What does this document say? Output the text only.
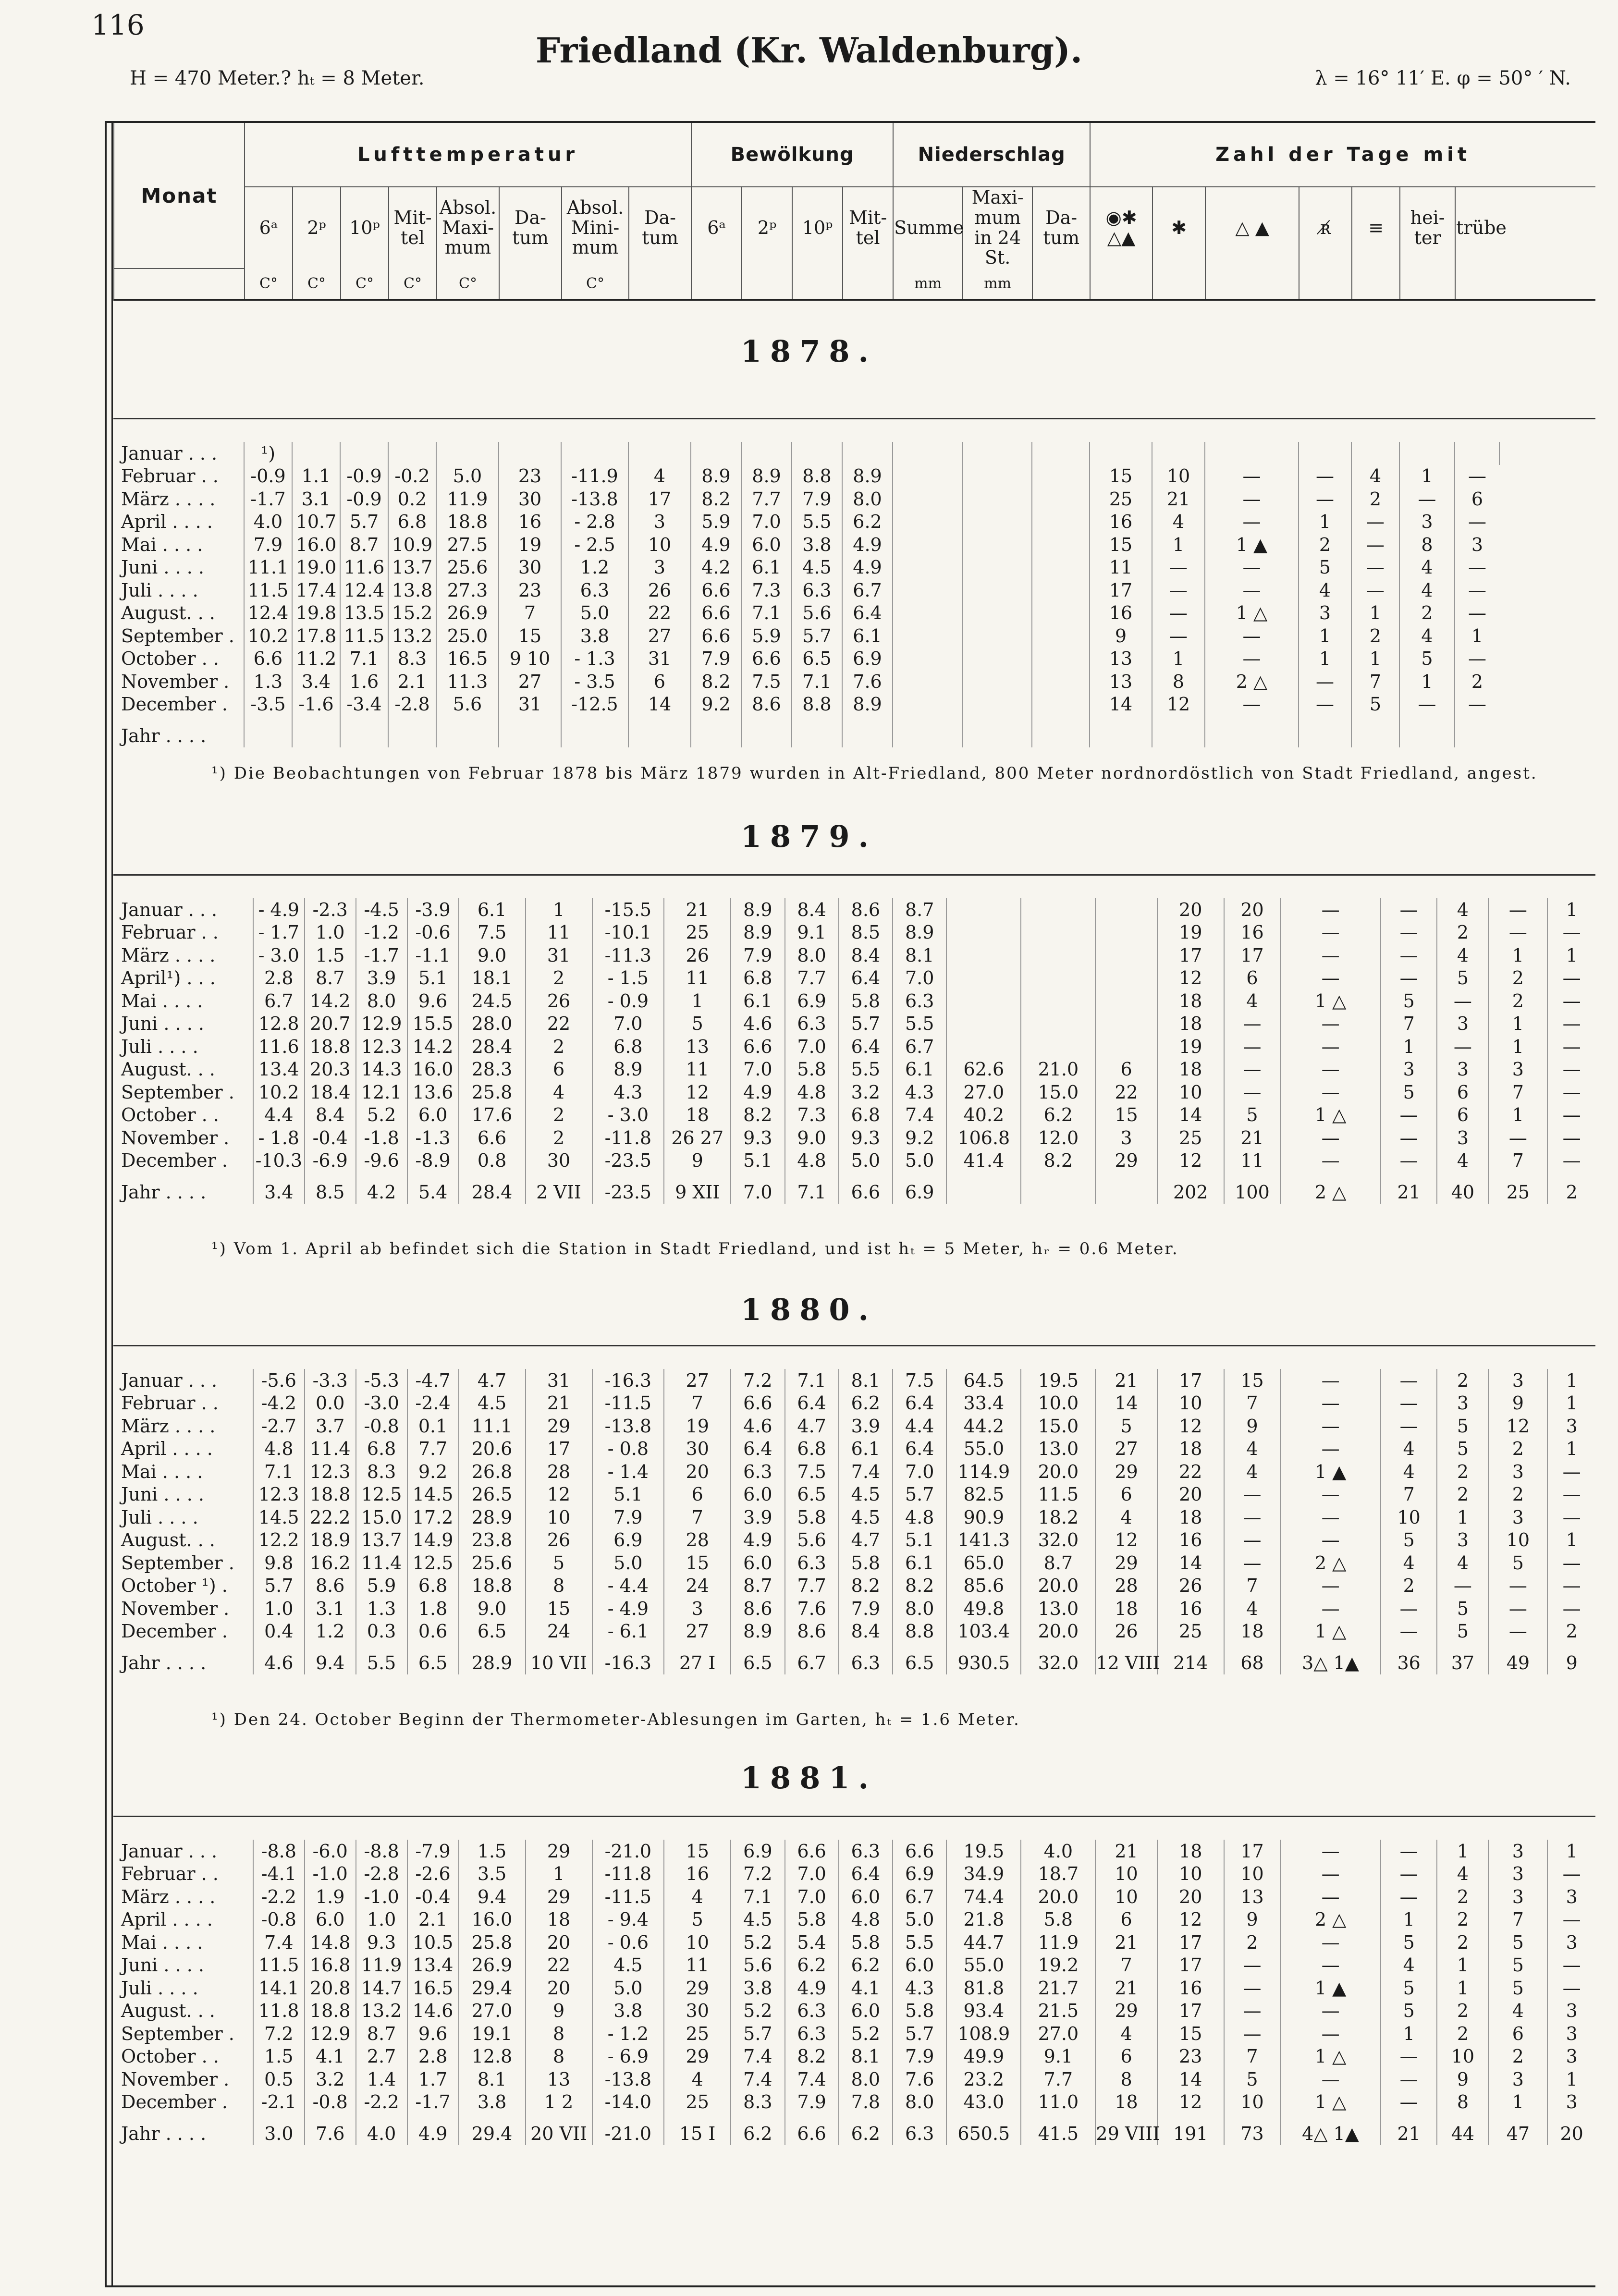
116
Friedland (Kr. Waldenburg).
H = 470 Meter.? hₜ = 8 Meter.	λ = 16° 11′ E. φ = 50° ′ N.
Monat	Lufttemperatur								Bewölkung				Niederschlag			Zahl der Tage mit						
	6ᵃ	2ᵖ	10ᵖ	Mit-tel	Absol. Maxi- mum	Da- tum	Absol. Mini- mum	Da- tum	6ᵃ	2ᵖ	10ᵖ	Mit- tel	Summe	Maxi- mum in 24 St.	Da- tum	◉✱ △▲	✱	△ ▲	ʀ̸	≡	hei- ter	trübe
	C°	C°	C°	C°	C°		C°						mm	mm								
1878.
Januar . . .	¹)																						
Februar . .	-0.9	1.1	-0.9	-0.2	5.0	23	-11.9	4	8.9	8.9	8.8	8.9				15	10	—	—	4	1	—	
März . . . .	-1.7	3.1	-0.9	0.2	11.9	30	-13.8	17	8.2	7.7	7.9	8.0				25	21	—	—	2	—	6	
April . . . .	4.0	10.7	5.7	6.8	18.8	16	- 2.8	3	5.9	7.0	5.5	6.2				16	4	—	1	—	3	—	
Mai . . . .	7.9	16.0	8.7	10.9	27.5	19	- 2.5	10	4.9	6.0	3.8	4.9				15	1	1 ▲	2	—	8	3	
Juni . . . .	11.1	19.0	11.6	13.7	25.6	30	1.2	3	4.2	6.1	4.5	4.9				11	—	—	5	—	4	—	
Juli . . . .	11.5	17.4	12.4	13.8	27.3	23	6.3	26	6.6	7.3	6.3	6.7				17	—	—	4	—	4	—	
August. . .	12.4	19.8	13.5	15.2	26.9	7	5.0	22	6.6	7.1	5.6	6.4				16	—	1 △	3	1	2	—	
September .	10.2	17.8	11.5	13.2	25.0	15	3.8	27	6.6	5.9	5.7	6.1				9	—	—	1	2	4	1	
October . .	6.6	11.2	7.1	8.3	16.5	9 10	- 1.3	31	7.9	6.6	6.5	6.9				13	1	—	1	1	5	—	
November .	1.3	3.4	1.6	2.1	11.3	27	- 3.5	6	8.2	7.5	7.1	7.6				13	8	2 △	—	7	1	2	
December .	-3.5	-1.6	-3.4	-2.8	5.6	31	-12.5	14	9.2	8.6	8.8	8.9				14	12	—	—	5	—	—	
Jahr . . . .																							
¹) Die Beobachtungen von Februar 1878 bis März 1879 wurden in Alt-Friedland, 800 Meter nordnordöstlich von Stadt Friedland, angest.
1879.
Januar . . .	- 4.9	-2.3	-4.5	-3.9	6.1	1	-15.5	21	8.9	8.4	8.6	8.7				20	20	—	—	4	—	1
Februar . .	- 1.7	1.0	-1.2	-0.6	7.5	11	-10.1	25	8.9	9.1	8.5	8.9				19	16	—	—	2	—	—
März . . . .	- 3.0	1.5	-1.7	-1.1	9.0	31	-11.3	26	7.9	8.0	8.4	8.1				17	17	—	—	4	1	1
April¹) . . .	2.8	8.7	3.9	5.1	18.1	2	- 1.5	11	6.8	7.7	6.4	7.0				12	6	—	—	5	2	—
Mai . . . .	6.7	14.2	8.0	9.6	24.5	26	- 0.9	1	6.1	6.9	5.8	6.3				18	4	1 △	5	—	2	—
Juni . . . .	12.8	20.7	12.9	15.5	28.0	22	7.0	5	4.6	6.3	5.7	5.5				18	—	—	7	3	1	—
Juli . . . .	11.6	18.8	12.3	14.2	28.4	2	6.8	13	6.6	7.0	6.4	6.7				19	—	—	1	—	1	—
August. . .	13.4	20.3	14.3	16.0	28.3	6	8.9	11	7.0	5.8	5.5	6.1	62.6	21.0	6	18	—	—	3	3	3	—
September .	10.2	18.4	12.1	13.6	25.8	4	4.3	12	4.9	4.8	3.2	4.3	27.0	15.0	22	10	—	—	5	6	7	—
October . .	4.4	8.4	5.2	6.0	17.6	2	- 3.0	18	8.2	7.3	6.8	7.4	40.2	6.2	15	14	5	1 △	—	6	1	—
November .	- 1.8	-0.4	-1.8	-1.3	6.6	2	-11.8	26 27	9.3	9.0	9.3	9.2	106.8	12.0	3	25	21	—	—	3	—	—
December .	-10.3	-6.9	-9.6	-8.9	0.8	30	-23.5	9	5.1	4.8	5.0	5.0	41.4	8.2	29	12	11	—	—	4	7	—
Jahr . . . .	3.4	8.5	4.2	5.4	28.4	2 VII	-23.5	9 XII	7.0	7.1	6.6	6.9				202	100	2 △	21	40	25	2
¹) Vom 1. April ab befindet sich die Station in Stadt Friedland, und ist hₜ = 5 Meter, hᵣ = 0.6 Meter.
1880.
Januar . . .	-5.6	-3.3	-5.3	-4.7	4.7	31	-16.3	27	7.2	7.1	8.1	7.5	64.5	19.5	21	17	15	—	—	2	3	1
Februar . .	-4.2	0.0	-3.0	-2.4	4.5	21	-11.5	7	6.6	6.4	6.2	6.4	33.4	10.0	14	10	7	—	—	3	9	1
März . . . .	-2.7	3.7	-0.8	0.1	11.1	29	-13.8	19	4.6	4.7	3.9	4.4	44.2	15.0	5	12	9	—	—	5	12	3
April . . . .	4.8	11.4	6.8	7.7	20.6	17	- 0.8	30	6.4	6.8	6.1	6.4	55.0	13.0	27	18	4	—	4	5	2	1
Mai . . . .	7.1	12.3	8.3	9.2	26.8	28	- 1.4	20	6.3	7.5	7.4	7.0	114.9	20.0	29	22	4	1 ▲	4	2	3	—
Juni . . . .	12.3	18.8	12.5	14.5	26.5	12	5.1	6	6.0	6.5	4.5	5.7	82.5	11.5	6	20	—	—	7	2	2	—
Juli . . . .	14.5	22.2	15.0	17.2	28.9	10	7.9	7	3.9	5.8	4.5	4.8	90.9	18.2	4	18	—	—	10	1	3	—
August. . .	12.2	18.9	13.7	14.9	23.8	26	6.9	28	4.9	5.6	4.7	5.1	141.3	32.0	12	16	—	—	5	3	10	1
September .	9.8	16.2	11.4	12.5	25.6	5	5.0	15	6.0	6.3	5.8	6.1	65.0	8.7	29	14	—	2 △	4	4	5	—
October ¹) .	5.7	8.6	5.9	6.8	18.8	8	- 4.4	24	8.7	7.7	8.2	8.2	85.6	20.0	28	26	7	—	2	—	—	—
November .	1.0	3.1	1.3	1.8	9.0	15	- 4.9	3	8.6	7.6	7.9	8.0	49.8	13.0	18	16	4	—	—	5	—	—
December .	0.4	1.2	0.3	0.6	6.5	24	- 6.1	27	8.9	8.6	8.4	8.8	103.4	20.0	26	25	18	1 △	—	5	—	2
Jahr . . . .	4.6	9.4	5.5	6.5	28.9	10 VII	-16.3	27 I	6.5	6.7	6.3	6.5	930.5	32.0	12 VIII	214	68	3△ 1▲	36	37	49	9
¹) Den 24. October Beginn der Thermometer-Ablesungen im Garten, hₜ = 1.6 Meter.
1881.
Januar . . .	-8.8	-6.0	-8.8	-7.9	1.5	29	-21.0	15	6.9	6.6	6.3	6.6	19.5	4.0	21	18	17	—	—	1	3	1
Februar . .	-4.1	-1.0	-2.8	-2.6	3.5	1	-11.8	16	7.2	7.0	6.4	6.9	34.9	18.7	10	10	10	—	—	4	3	—
März . . . .	-2.2	1.9	-1.0	-0.4	9.4	29	-11.5	4	7.1	7.0	6.0	6.7	74.4	20.0	10	20	13	—	—	2	3	3
April . . . .	-0.8	6.0	1.0	2.1	16.0	18	- 9.4	5	4.5	5.8	4.8	5.0	21.8	5.8	6	12	9	2 △	1	2	7	—
Mai . . . .	7.4	14.8	9.3	10.5	25.8	20	- 0.6	10	5.2	5.4	5.8	5.5	44.7	11.9	21	17	2	—	5	2	5	3
Juni . . . .	11.5	16.8	11.9	13.4	26.9	22	4.5	11	5.6	6.2	6.2	6.0	55.0	19.2	7	17	—	—	4	1	5	—
Juli . . . .	14.1	20.8	14.7	16.5	29.4	20	5.0	29	3.8	4.9	4.1	4.3	81.8	21.7	21	16	—	1 ▲	5	1	5	—
August. . .	11.8	18.8	13.2	14.6	27.0	9	3.8	30	5.2	6.3	6.0	5.8	93.4	21.5	29	17	—	—	5	2	4	3
September .	7.2	12.9	8.7	9.6	19.1	8	- 1.2	25	5.7	6.3	5.2	5.7	108.9	27.0	4	15	—	—	1	2	6	3
October . .	1.5	4.1	2.7	2.8	12.8	8	- 6.9	29	7.4	8.2	8.1	7.9	49.9	9.1	6	23	7	1 △	—	10	2	3
November .	0.5	3.2	1.4	1.7	8.1	13	-13.8	4	7.4	7.4	8.0	7.6	23.2	7.7	8	14	5	—	—	9	3	1
December .	-2.1	-0.8	-2.2	-1.7	3.8	1 2	-14.0	25	8.3	7.9	7.8	8.0	43.0	11.0	18	12	10	1 △	—	8	1	3
Jahr . . . .	3.0	7.6	4.0	4.9	29.4	20 VII	-21.0	15 I	6.2	6.6	6.2	6.3	650.5	41.5	29 VIII	191	73	4△ 1▲	21	44	47	20
